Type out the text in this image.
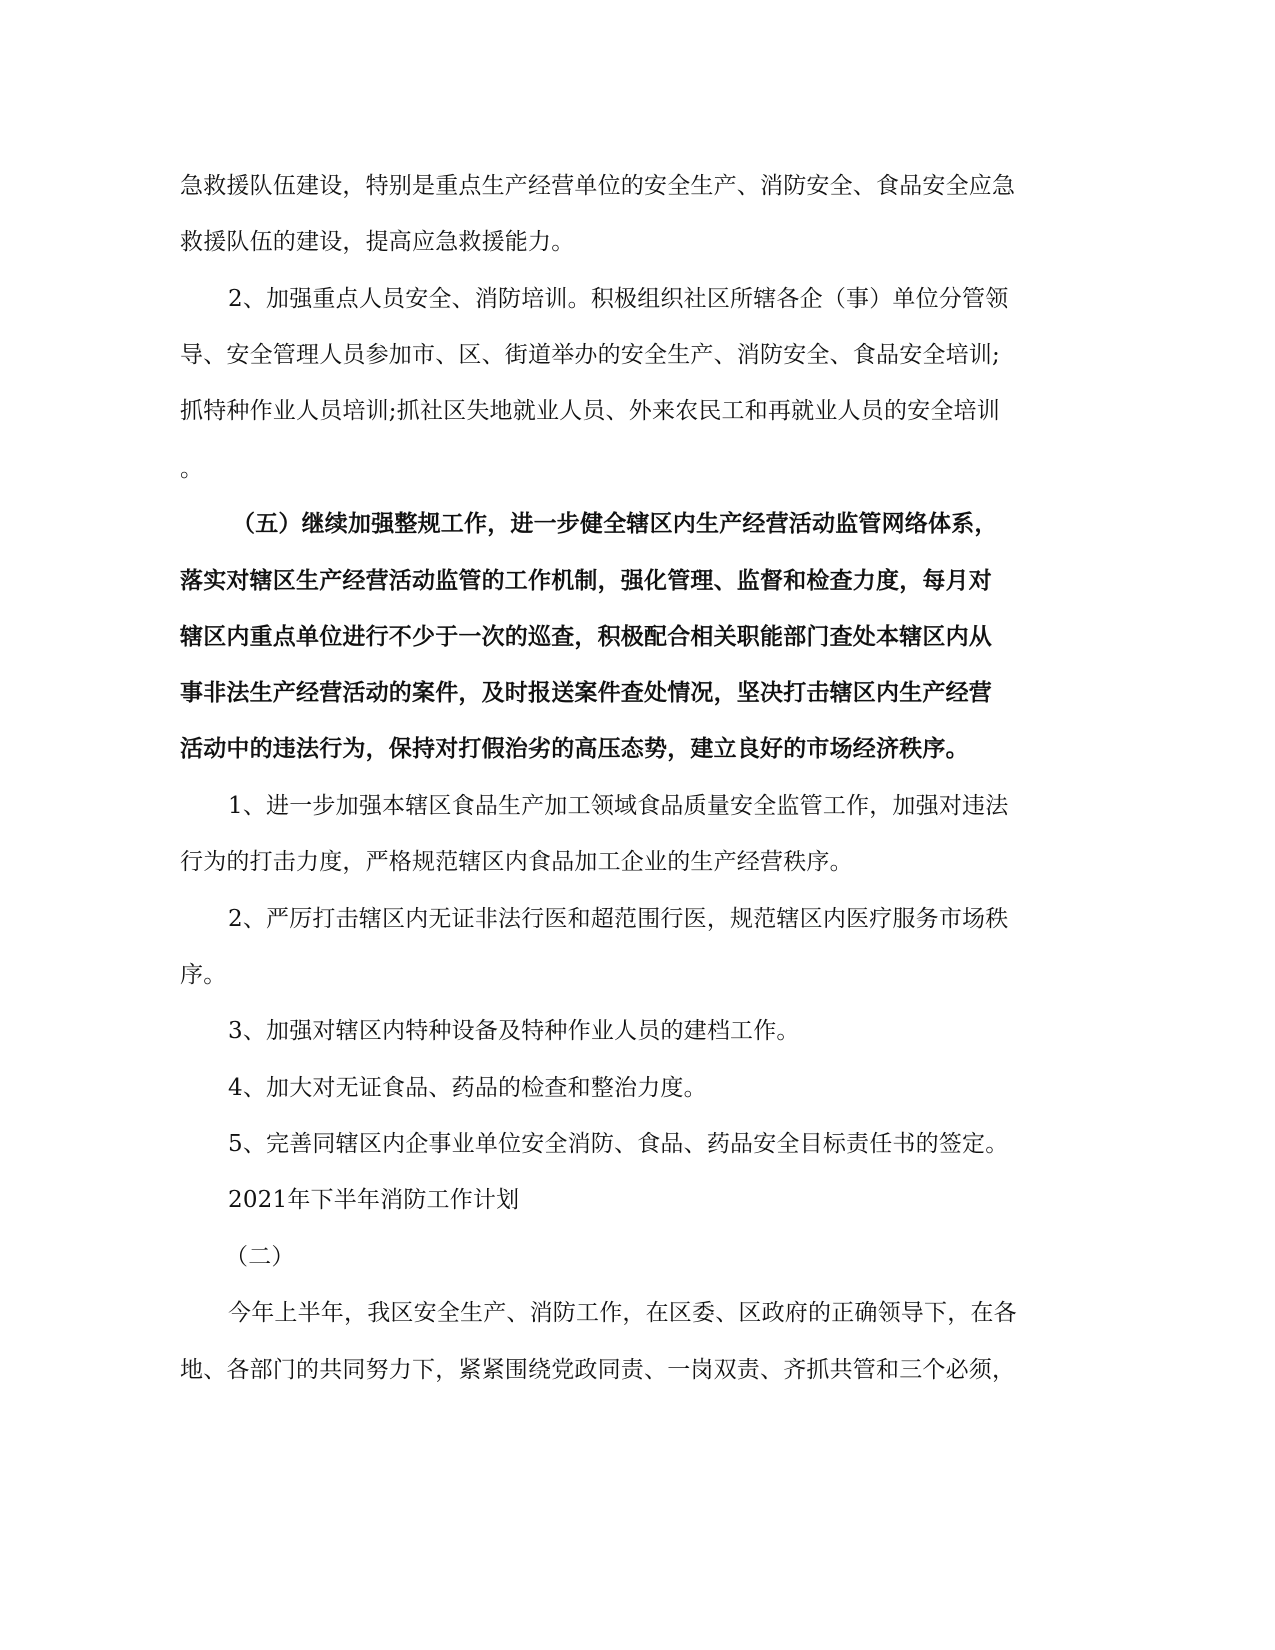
急救援队伍建设，特别是重点生产经营单位的安全生产、消防安全、食品安全应急
救援队伍的建设，提高应急救援能力。
2、加强重点人员安全、消防培训。积极组织社区所辖各企（事）单位分管领
导、安全管理人员参加市、区、街道举办的安全生产、消防安全、食品安全培训;
抓特种作业人员培训;抓社区失地就业人员、外来农民工和再就业人员的安全培训
。
（五）继续加强整规工作，进一步健全辖区内生产经营活动监管网络体系，
落实对辖区生产经营活动监管的工作机制，强化管理、监督和检查力度，每月对
辖区内重点单位进行不少于一次的巡查，积极配合相关职能部门查处本辖区内从
事非法生产经营活动的案件，及时报送案件查处情况，坚决打击辖区内生产经营
活动中的违法行为，保持对打假治劣的高压态势，建立良好的市场经济秩序。
1、进一步加强本辖区食品生产加工领域食品质量安全监管工作，加强对违法
行为的打击力度，严格规范辖区内食品加工企业的生产经营秩序。
2、严厉打击辖区内无证非法行医和超范围行医，规范辖区内医疗服务市场秩
序。
3、加强对辖区内特种设备及特种作业人员的建档工作。
4、加大对无证食品、药品的检查和整治力度。
5、完善同辖区内企事业单位安全消防、食品、药品安全目标责任书的签定。
2021年下半年消防工作计划
（二）
今年上半年，我区安全生产、消防工作，在区委、区政府的正确领导下，在各
地、各部门的共同努力下，紧紧围绕党政同责、一岗双责、齐抓共管和三个必须，
